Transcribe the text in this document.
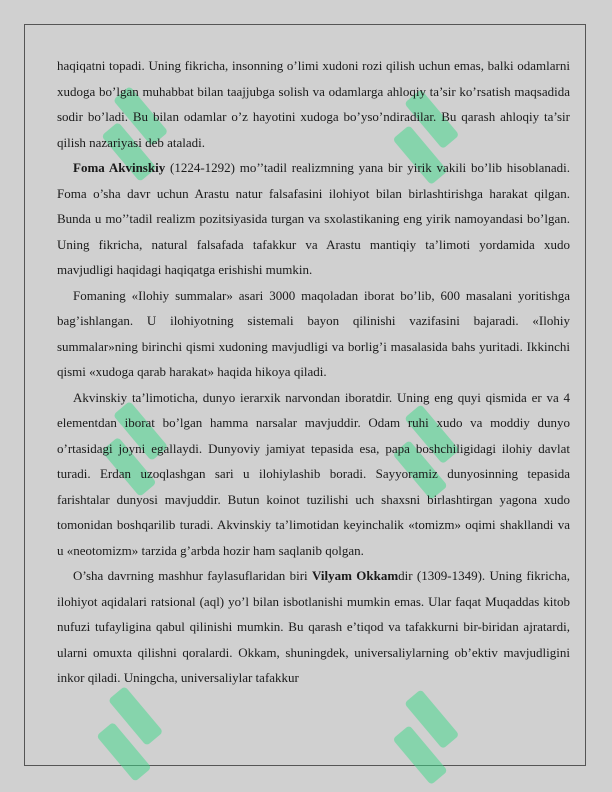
haqiqatni topadi. Uning fikricha, insonning o’limi xudoni rozi qilish uchun emas, balki odamlarni xudoga bo’lgan muhabbat bilan taajjubga solish va odamlarga ahloqiy ta’sir ko’rsatish maqsadida sodir bo’ladi. Bu bilan odamlar o’z hayotini xudoga bo’yso’ndiradilar. Bu qarash ahloqiy ta’sir qilish nazariyasi deb ataladi.

Foma Akvinskiy (1224-1292) mo’’tadil realizmning yana bir yirik vakili bo’lib hisoblanadi. Foma o’sha davr uchun Arastu natur falsafasini ilohiyot bilan birlashtirishga harakat qilgan. Bunda u mo’’tadil realizm pozitsiyasida turgan va sxolastikaning eng yirik namoyandasi bo’lgan. Uning fikricha, natural falsafada tafakkur va Arastu mantiqiy ta’limoti yordamida xudo mavjudligi haqidagi haqiqatga erishishi mumkin.

Fomaning «Ilohiy summalar» asari 3000 maqoladan iborat bo’lib, 600 masalani yoritishga bag’ishlangan. U ilohiyotning sistemali bayon qilinishi vazifasini bajaradi. «Ilohiy summalar»ning birinchi qismi xudoning mavjudligi va borlig’i masalasida bahs yuritadi. Ikkinchi qismi «xudoga qarab harakat» haqida hikoya qiladi.

Akvinskiy ta’limoticha, dunyo ierarxik narvondan iboratdir. Uning eng quyi qismida er va 4 elementdan iborat bo’lgan hamma narsalar mavjuddir. Odam ruhi xudo va moddiy dunyo o’rtasidagi joyni egallaydi. Dunyoviy jamiyat tepasida esa, papa boshchiligidagi ilohiy davlat turadi. Erdan uzoqlashgan sari u ilohiylashib boradi. Sayyoramiz dunyosinning tepasida farishtalar dunyosi mavjuddir. Butun koinot tuzilishi uch shaxsni birlashtirgan yagona xudo tomonidan boshqarilib turadi. Akvinskiy ta’limotidan keyinchalik «tomizm» oqimi shakllandi va u «neotomizm» tarzida g’arbda hozir ham saqlanib qolgan.

O’sha davrning mashhur faylasuflaridan biri Vilyam Okkamdir (1309-1349). Uning fikricha, ilohiyot aqidalari ratsional (aql) yo’l bilan isbotlanishi mumkin emas. Ular faqat Muqaddas kitob nufuzi tufayligina qabul qilinishi mumkin. Bu qarash e’tiqod va tafakkurni bir-biridan ajratardi, ularni omuxta qilishni qoralardi. Okkam, shuningdek, universaliylarning ob’ektiv mavjudligini inkor qiladi. Uningcha, universaliylar tafakkur
